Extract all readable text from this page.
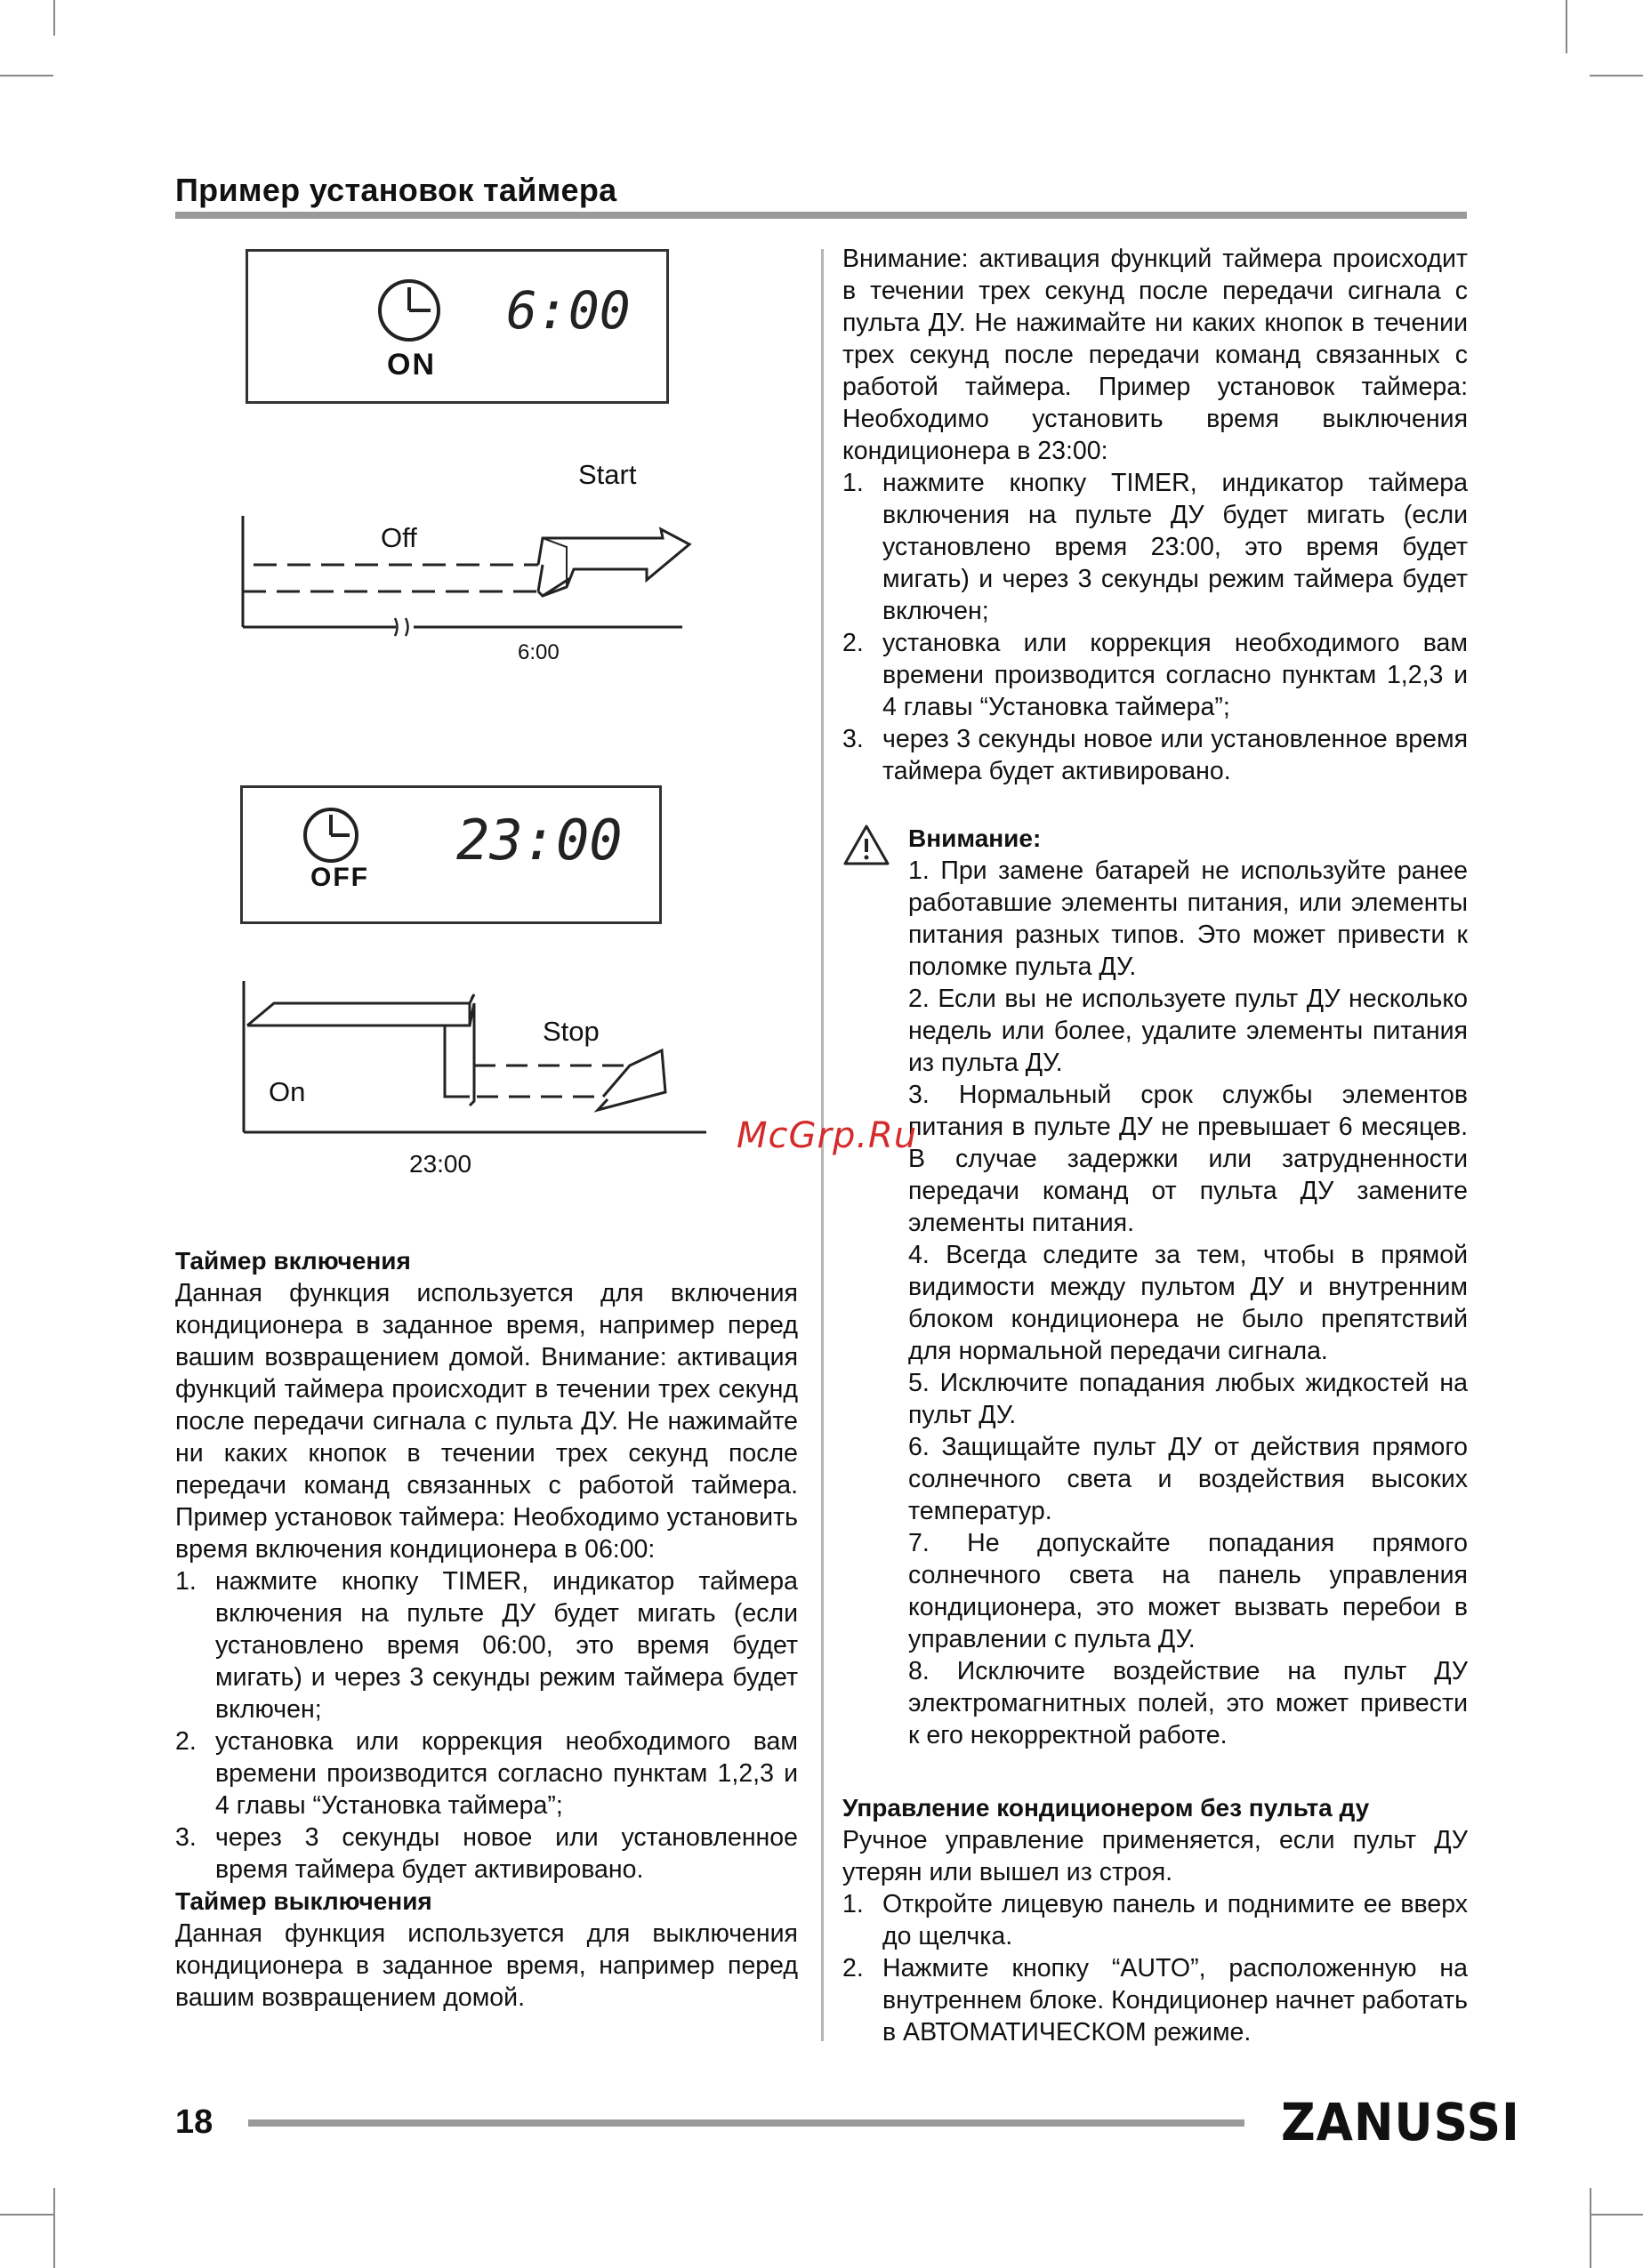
Пример установок таймера
6:00
ON
Start
Off
6:00
23:00
OFF
Stop
On
23:00
Таймер включения

Данная функция используется для включения кондиционера в заданное время, например перед вашим возвращением домой. Внимание: активация функций таймера происходит в течении трех секунд после передачи сигнала с пульта ДУ. Не нажимайте ни каких кнопок в течении трех секунд после передачи команд связанных с работой таймера. Пример установок таймера: Необходимо установить время включения кондиционера в 06:00:

1. нажмите кнопку TIMER, индикатор таймера включения на пульте ДУ будет мигать (если установлено время 06:00, это время будет мигать) и через 3 секунды режим таймера будет включен;
2. установка или коррекция необходимого вам времени производится согласно пунктам 1,2,3 и 4 главы “Установка таймера”;
3. через 3 секунды новое или установленное время таймера будет активировано.
Таймер выключения

Данная функция используется для выключения кондиционера в заданное время, например перед вашим возвращением домой.

Внимание: активация функций таймера происходит в течении трех секунд после передачи сигнала с пульта ДУ. Не нажимайте ни каких кнопок в течении трех секунд после передачи команд связанных с работой таймера. Пример установок таймера: Необходимо установить время выключения кондиционера в 23:00:

1. нажмите кнопку TIMER, индикатор таймера включения на пульте ДУ будет мигать (если установлено время 23:00, это время будет мигать) и через 3 секунды режим таймера будет включен;
2. установка или коррекция необходимого вам времени производится согласно пунктам 1,2,3 и 4 главы “Установка таймера”;
3. через 3 секунды новое или установленное время таймера будет активировано.
Внимание:

1. При замене батарей не используйте ранее работавшие элементы питания, или элементы питания разных типов. Это может привести к поломке пульта ДУ.

2. Если вы не используете пульт ДУ несколько недель или более, удалите элементы питания из пульта ДУ.

3. Нормальный срок службы элементов питания в пульте ДУ не превышает 6 месяцев. В случае задержки или затрудненности передачи команд от пульта ДУ замените элементы питания.

4. Всегда следите за тем, чтобы в прямой видимости между пультом ДУ и внутренним блоком кондиционера не было препятствий для нормальной передачи сигнала.

5. Исключите попадания любых жидкостей на пульт ДУ.

6. Защищайте пульт ДУ от действия прямого солнечного света и воздействия высоких температур.

7. Не допускайте попадания прямого солнечного света на панель управления кондиционера, это может вызвать перебои в управлении с пульта ДУ.

8. Исключите воздействие на пульт ДУ электромагнитных полей, это может привести к его некорректной работе.

Управление кондиционером без пульта ду

Ручное управление применяется, если пульт ДУ утерян или вышел из строя.

1. Откройте лицевую панель и поднимите ее вверх до щелчка.
2. Нажмите кнопку “AUTO”, расположенную на внутреннем блоке. Кондиционер начнет работать в АВТОМАТИЧЕСКОМ режиме.
McGrp.Ru
18	ZANUSSI
